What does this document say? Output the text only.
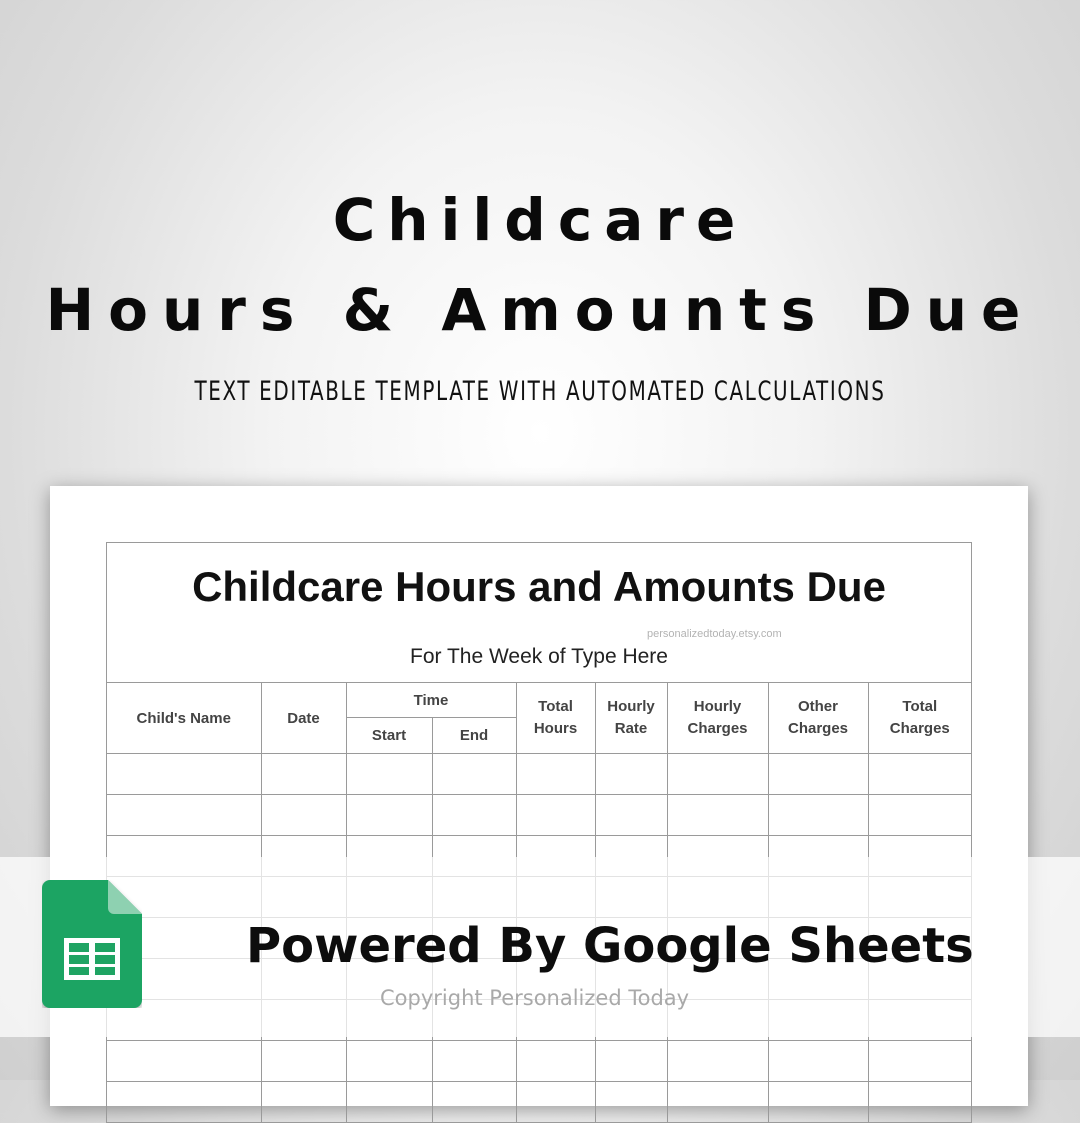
Childcare
Hours & Amounts Due
TEXT EDITABLE TEMPLATE WITH AUTOMATED CALCULATIONS
Childcare Hours and Amounts Due
personalizedtoday.etsy.com
For The Week of Type Here
Child's Name	Date	Time		Total Hours	Hourly Rate	Hourly Charges	Other Charges	Total Charges
		Start	End					

Powered By Google Sheets
Copyright Personalized Today
